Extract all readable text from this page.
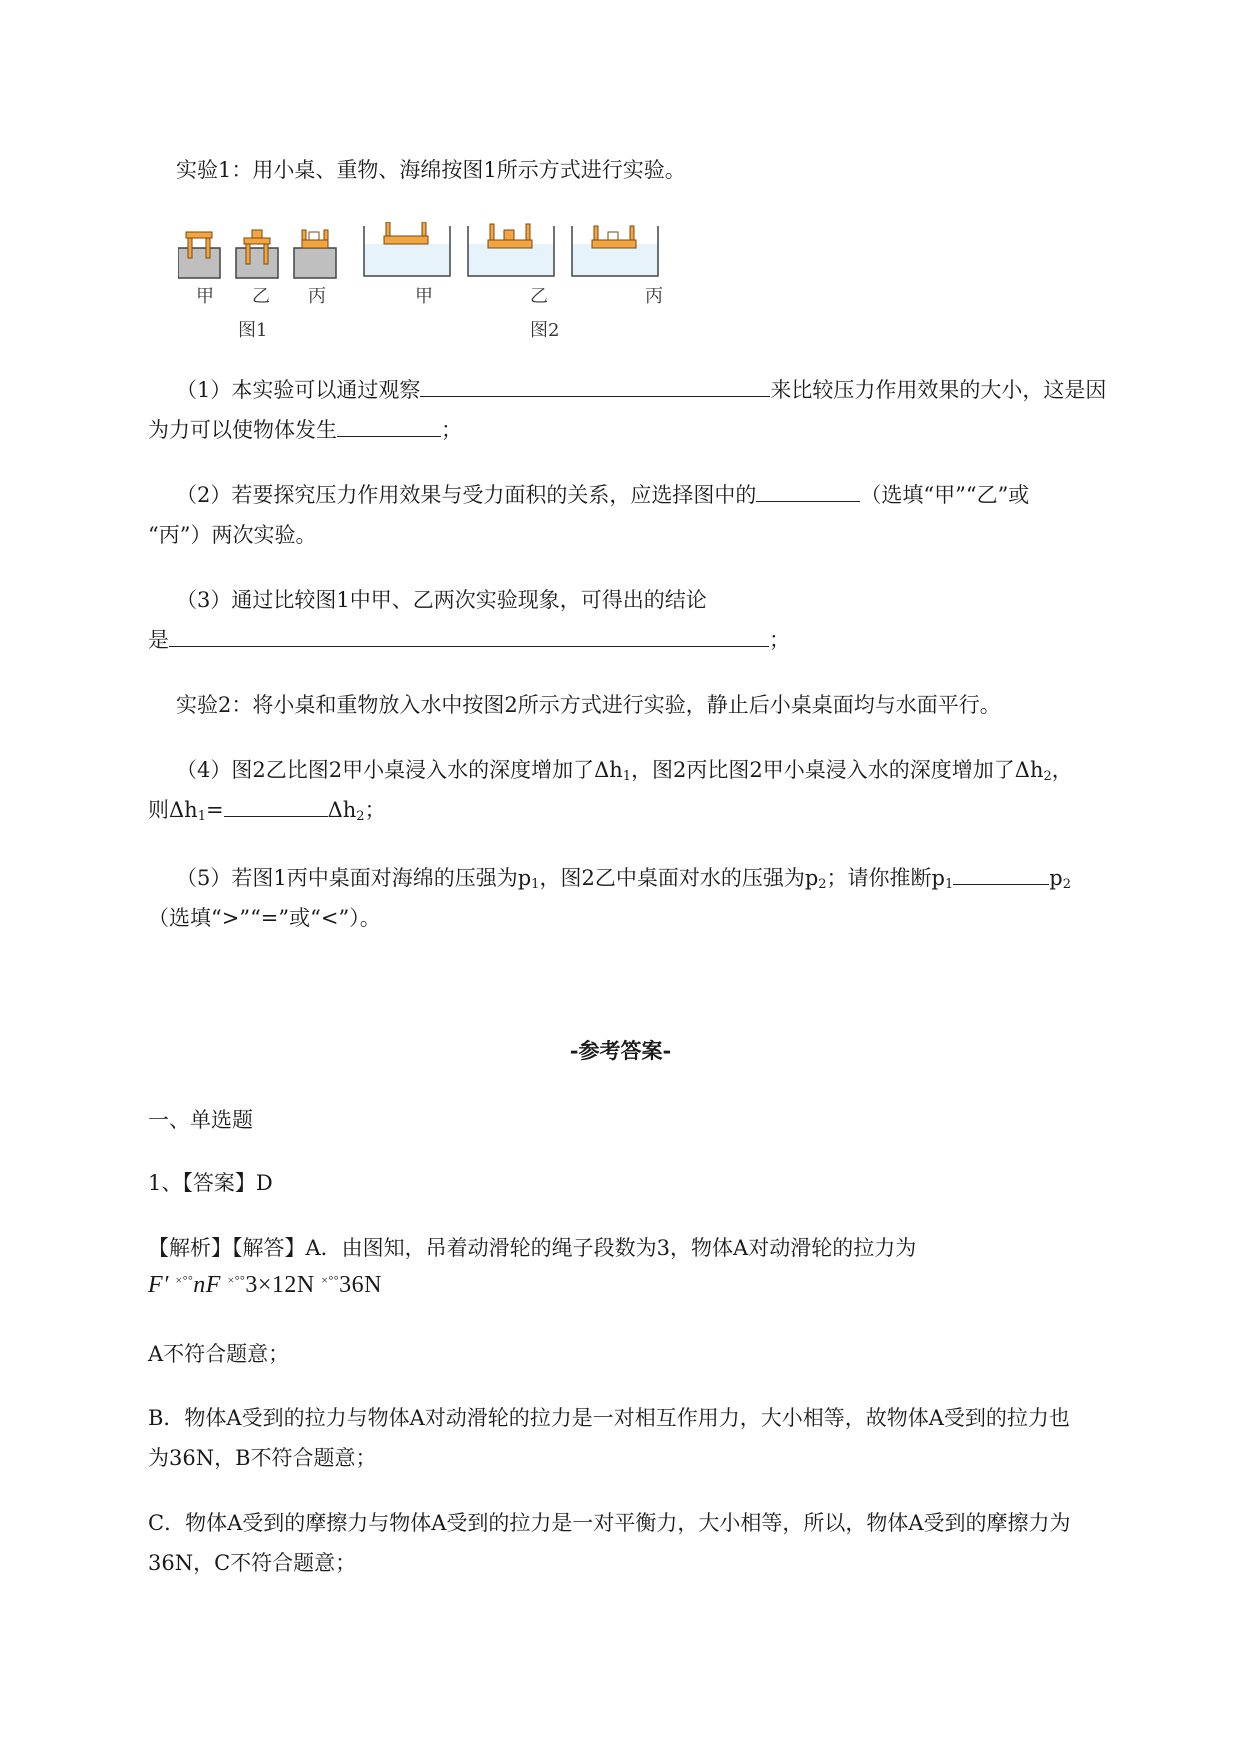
实验1：用小桌、重物、海绵按图1所示方式进行实验。

甲 乙 丙
图1
甲	乙	丙
图2

（1）本实验可以通过观察	来比较压力作用效果的大小，这是因

为力可以使物体发生	；

（2）若要探究压力作用效果与受力面积的关系，应选择图中的	（选填“甲”“乙”或

“丙”）两次实验。

（3）通过比较图1中甲、乙两次实验现象，可得出的结论

是	；

实验2：将小桌和重物放入水中按图2所示方式进行实验，静止后小桌桌面均与水面平行。

（4）图2乙比图2甲小桌浸入水的深度增加了$\Delta h_1$，图2丙比图2甲小桌浸入水的深度增加了$\Delta h_2$，

则$\Delta h_1=$	$\Delta h_2$；

（5）若图1丙中桌面对海绵的压强为$p_1$，图2乙中桌面对水的压强为$p_2$；请你推断$p_1$	$p_2$

（选填“>”“=”或“<”）。

-参考答案-

一、单选题

1、【答案】D

【解析】【解答】A．由图知，吊着动滑轮的绳子段数为3，物体A对动滑轮的拉力为

F′ ×°°nF ×°°3×12N ×°°36N

A不符合题意；

B．物体A受到的拉力与物体A对动滑轮的拉力是一对相互作用力，大小相等，故物体A受到的拉力也

为36N，B不符合题意；

C．物体A受到的摩擦力与物体A受到的拉力是一对平衡力，大小相等，所以，物体A受到的摩擦力为

36N，C不符合题意；
